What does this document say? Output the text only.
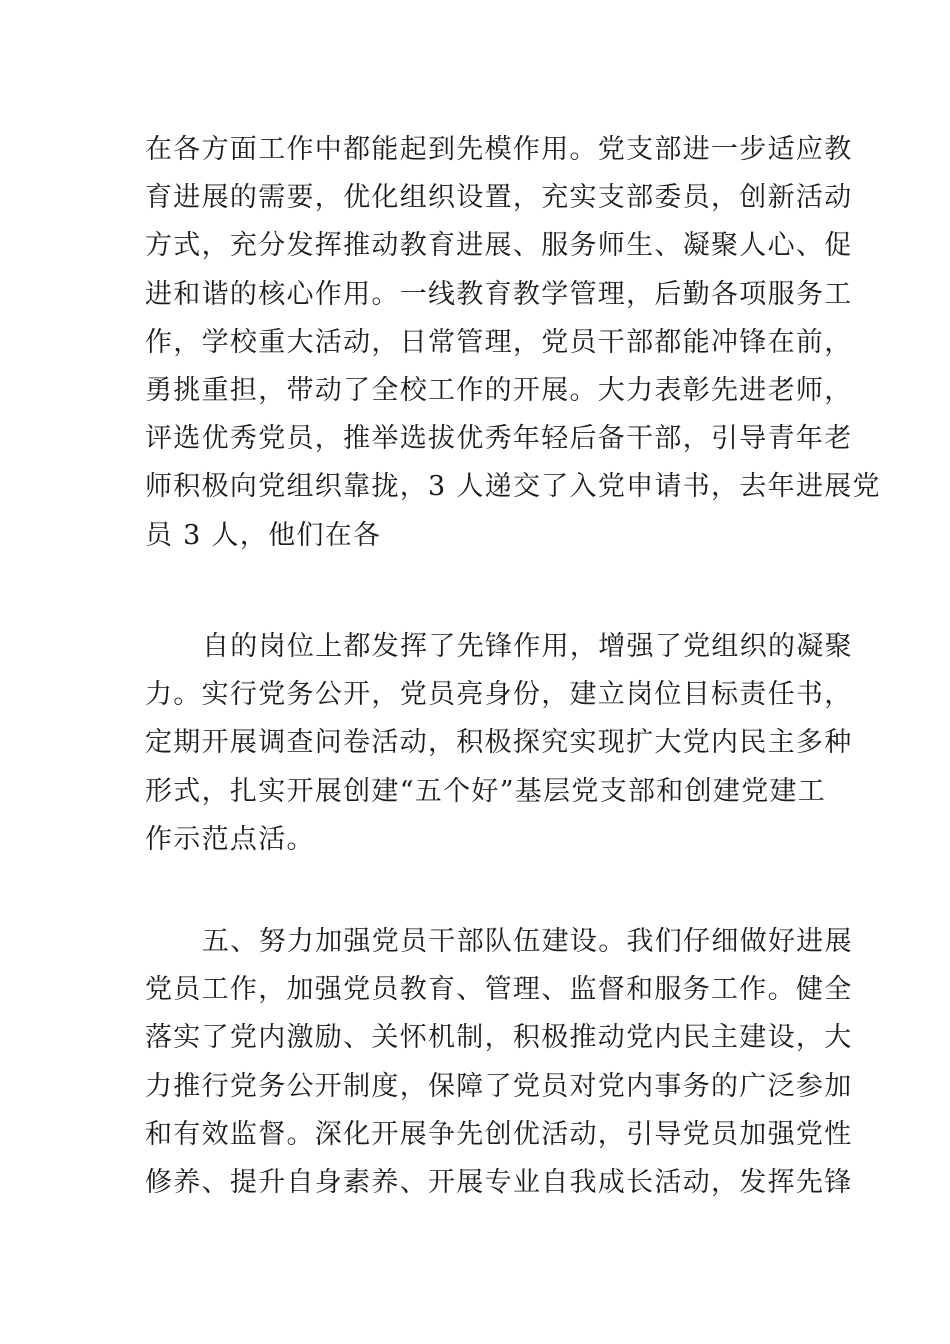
在各方面工作中都能起到先模作用。党支部进一步适应教
育进展的需要，优化组织设置，充实支部委员，创新活动
方式，充分发挥推动教育进展、服务师生、凝聚人心、促
进和谐的核心作用。一线教育教学管理，后勤各项服务工
作，学校重大活动，日常管理，党员干部都能冲锋在前，
勇挑重担，带动了全校工作的开展。大力表彰先进老师，
评选优秀党员，推举选拔优秀年轻后备干部，引导青年老
师积极向党组织靠拢，3 人递交了入党申请书，去年进展党
员 3 人，他们在各
自的岗位上都发挥了先锋作用，增强了党组织的凝聚
力。实行党务公开，党员亮身份，建立岗位目标责任书，
定期开展调查问卷活动，积极探究实现扩大党内民主多种
形式，扎实开展创建“五个好”基层党支部和创建党建工
作示范点活。
五、努力加强党员干部队伍建设。我们仔细做好进展
党员工作，加强党员教育、管理、监督和服务工作。健全
落实了党内激励、关怀机制，积极推动党内民主建设，大
力推行党务公开制度，保障了党员对党内事务的广泛参加
和有效监督。深化开展争先创优活动，引导党员加强党性
修养、提升自身素养、开展专业自我成长活动，发挥先锋
